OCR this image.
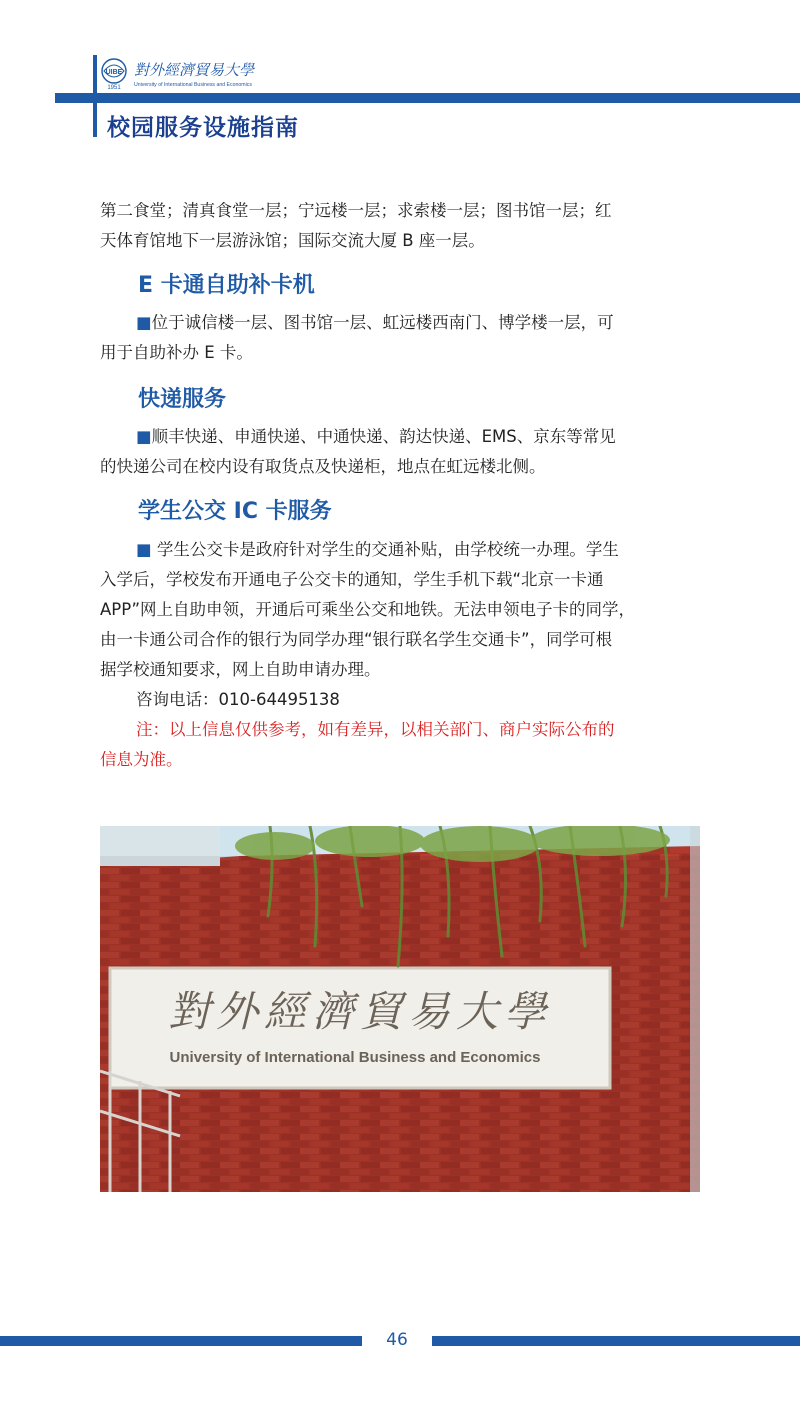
UIBE
1951
對外經濟貿易大學
University of International Business and Economics
校园服务设施指南
第二食堂；清真食堂一层；宁远楼一层；求索楼一层；图书馆一层；红
天体育馆地下一层游泳馆；国际交流大厦 B 座一层。
E 卡通自助补卡机
■位于诚信楼一层、图书馆一层、虹远楼西南门、博学楼一层，可
用于自助补办 E 卡。
快递服务
■顺丰快递、申通快递、中通快递、韵达快递、EMS、京东等常见
的快递公司在校内设有取货点及快递柜，地点在虹远楼北侧。
学生公交 IC 卡服务
■ 学生公交卡是政府针对学生的交通补贴，由学校统一办理。学生
入学后，学校发布开通电子公交卡的通知，学生手机下载“北京一卡通
APP”网上自助申领，开通后可乘坐公交和地铁。无法申领电子卡的同学，
由一卡通公司合作的银行为同学办理“银行联名学生交通卡”，同学可根
据学校通知要求，网上自助申请办理。
咨询电话：010-64495138
注：以上信息仅供参考，如有差异，以相关部门、商户实际公布的
信息为准。
對外經濟貿易大學
University of International Business and Economics
46
